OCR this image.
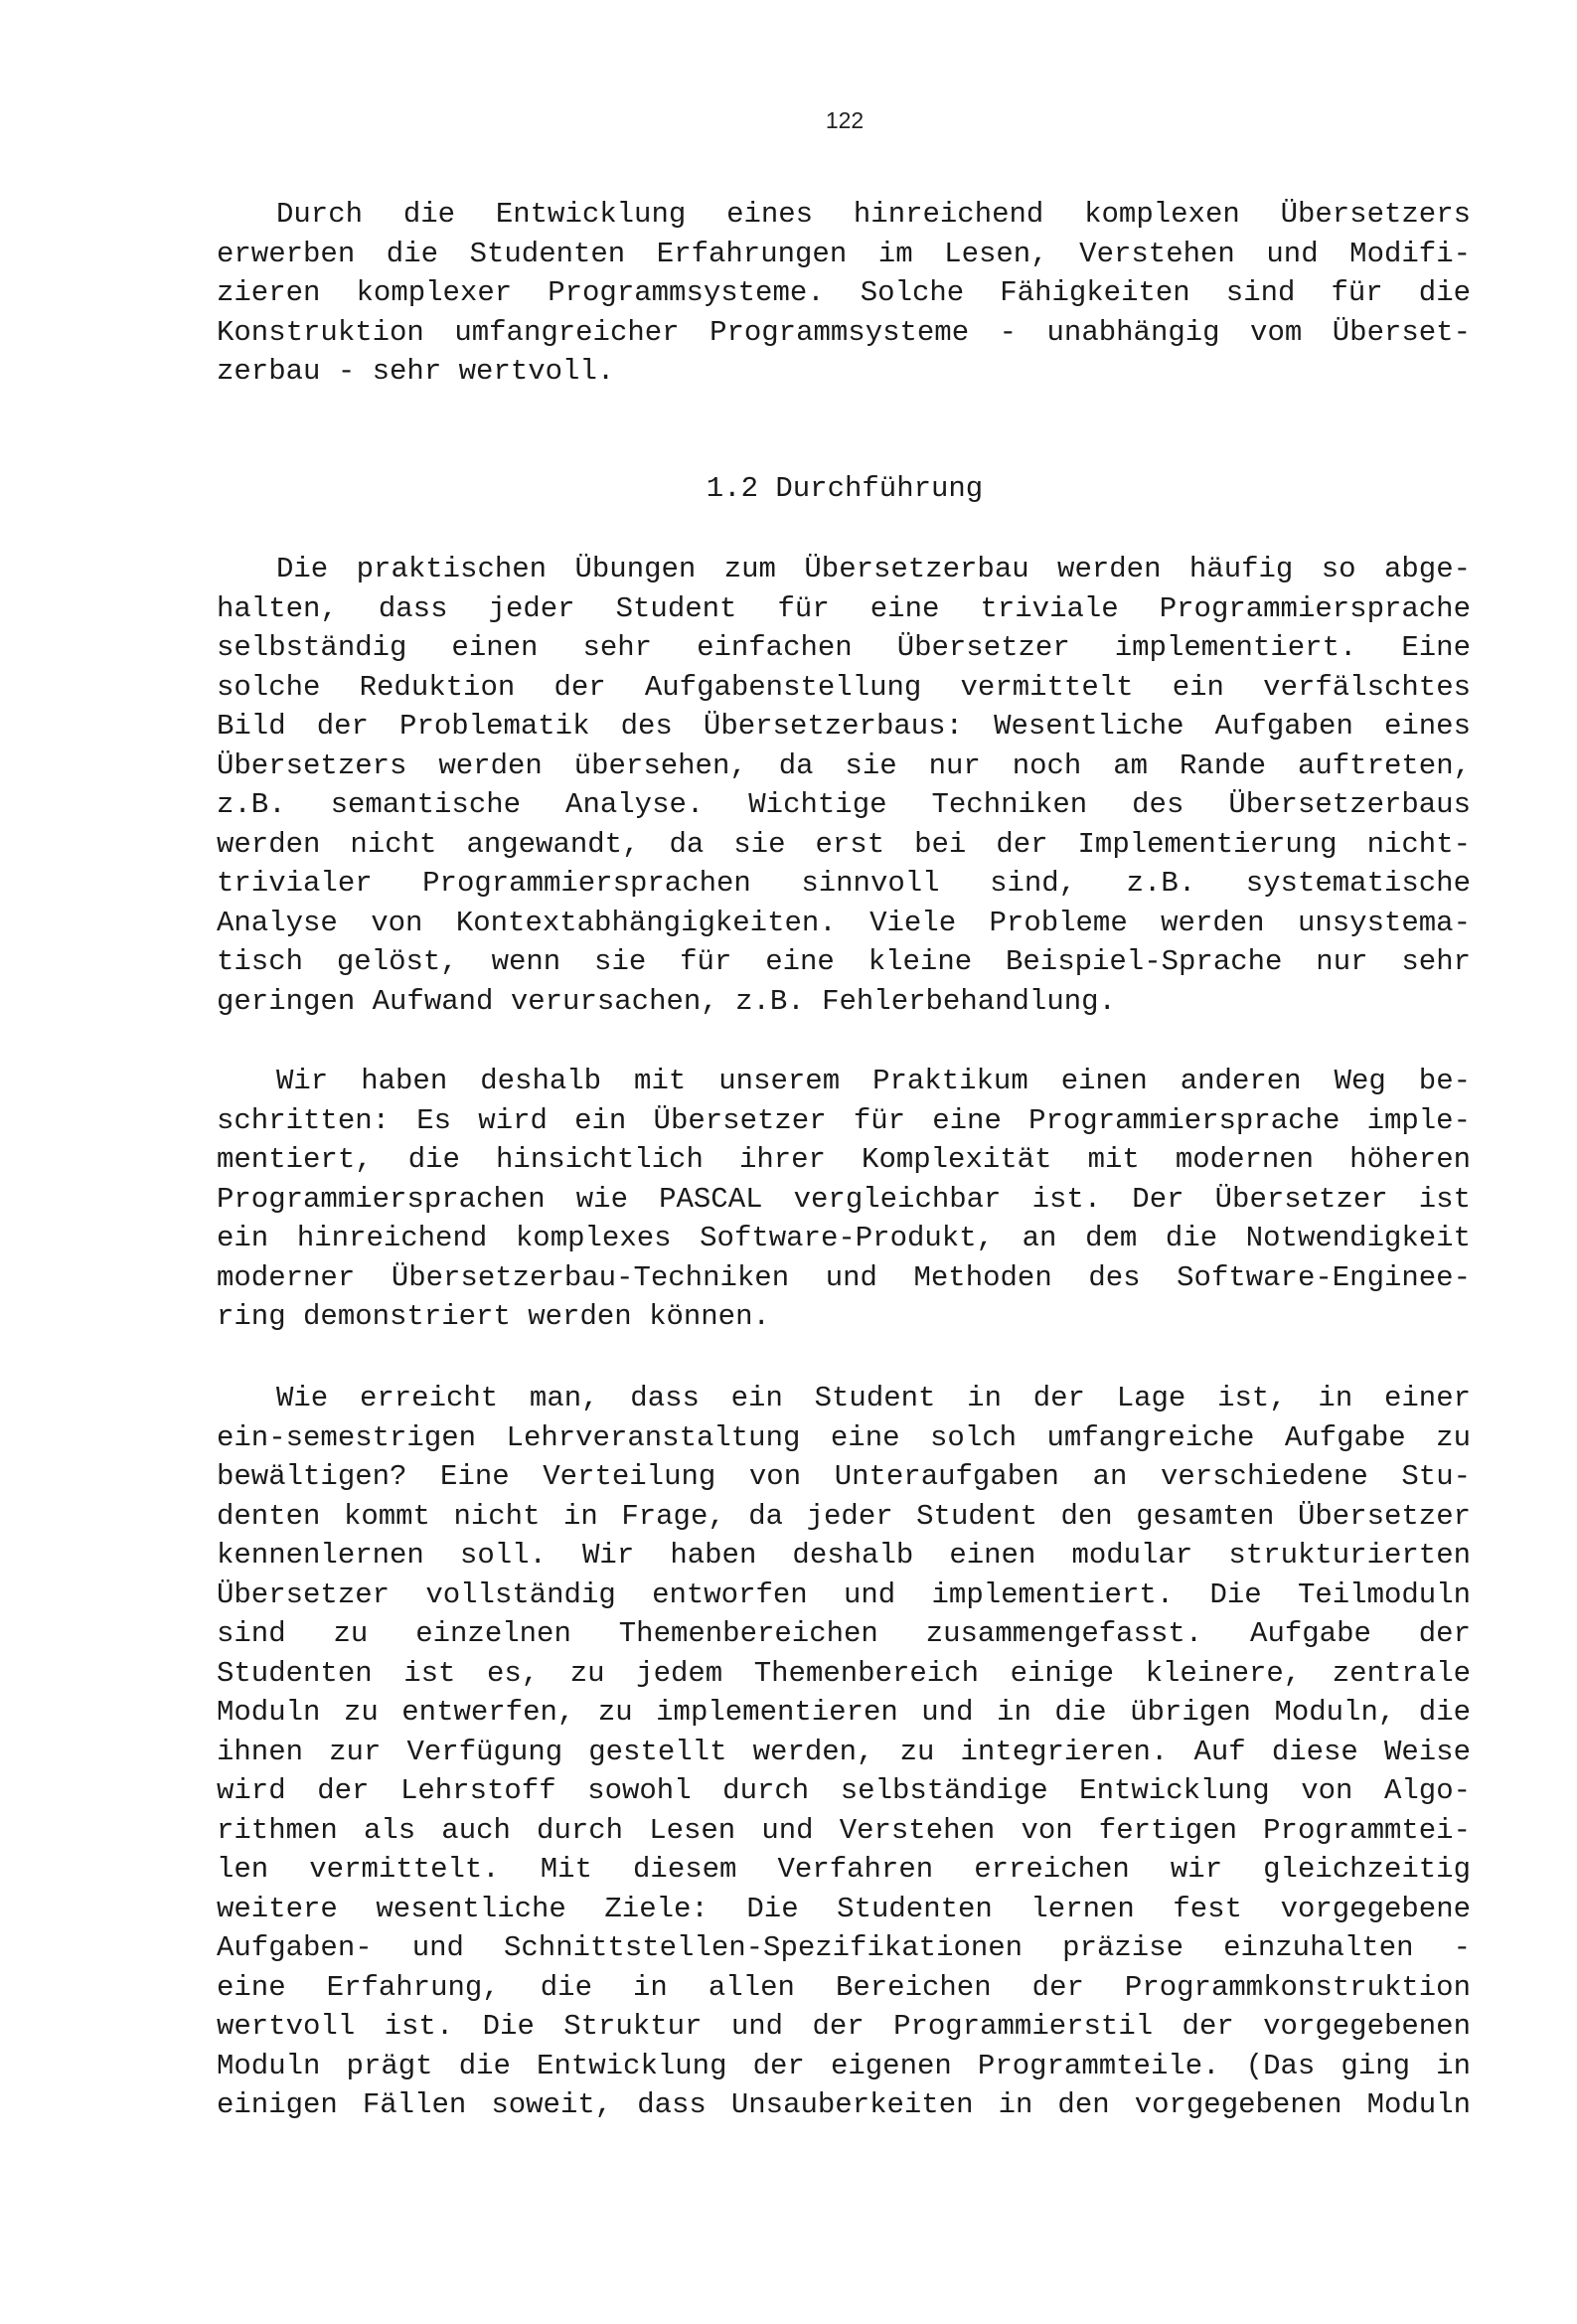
122
Durch die Entwicklung eines hinreichend komplexen Übersetzers
erwerben die Studenten Erfahrungen im Lesen, Verstehen und Modifi-
zieren komplexer Programmsysteme. Solche Fähigkeiten sind für die
Konstruktion umfangreicher Programmsysteme - unabhängig vom Überset-
zerbau - sehr wertvoll.
1.2 Durchführung
Die praktischen Übungen zum Übersetzerbau werden häufig so abge-
halten, dass jeder Student für eine triviale Programmiersprache
selbständig einen sehr einfachen Übersetzer implementiert. Eine
solche Reduktion der Aufgabenstellung vermittelt ein verfälschtes
Bild der Problematik des Übersetzerbaus: Wesentliche Aufgaben eines
Übersetzers werden übersehen, da sie nur noch am Rande auftreten,
z.B. semantische Analyse. Wichtige Techniken des Übersetzerbaus
werden nicht angewandt, da sie erst bei der Implementierung nicht-
trivialer Programmiersprachen sinnvoll sind, z.B. systematische
Analyse von Kontextabhängigkeiten. Viele Probleme werden unsystema-
tisch gelöst, wenn sie für eine kleine Beispiel-Sprache nur sehr
geringen Aufwand verursachen, z.B. Fehlerbehandlung.
Wir haben deshalb mit unserem Praktikum einen anderen Weg be-
schritten: Es wird ein Übersetzer für eine Programmiersprache imple-
mentiert, die hinsichtlich ihrer Komplexität mit modernen höheren
Programmiersprachen wie PASCAL vergleichbar ist. Der Übersetzer ist
ein hinreichend komplexes Software-Produkt, an dem die Notwendigkeit
moderner Übersetzerbau-Techniken und Methoden des Software-Enginee-
ring demonstriert werden können.
Wie erreicht man, dass ein Student in der Lage ist, in einer
ein-semestrigen Lehrveranstaltung eine solch umfangreiche Aufgabe zu
bewältigen? Eine Verteilung von Unteraufgaben an verschiedene Stu-
denten kommt nicht in Frage, da jeder Student den gesamten Übersetzer
kennenlernen soll. Wir haben deshalb einen modular strukturierten
Übersetzer vollständig entworfen und implementiert. Die Teilmoduln
sind zu einzelnen Themenbereichen zusammengefasst. Aufgabe der
Studenten ist es, zu jedem Themenbereich einige kleinere, zentrale
Moduln zu entwerfen, zu implementieren und in die übrigen Moduln, die
ihnen zur Verfügung gestellt werden, zu integrieren. Auf diese Weise
wird der Lehrstoff sowohl durch selbständige Entwicklung von Algo-
rithmen als auch durch Lesen und Verstehen von fertigen Programmtei-
len vermittelt. Mit diesem Verfahren erreichen wir gleichzeitig
weitere wesentliche Ziele: Die Studenten lernen fest vorgegebene
Aufgaben- und Schnittstellen-Spezifikationen präzise einzuhalten -
eine Erfahrung, die in allen Bereichen der Programmkonstruktion
wertvoll ist. Die Struktur und der Programmierstil der vorgegebenen
Moduln prägt die Entwicklung der eigenen Programmteile. (Das ging in
einigen Fällen soweit, dass Unsauberkeiten in den vorgegebenen Moduln
